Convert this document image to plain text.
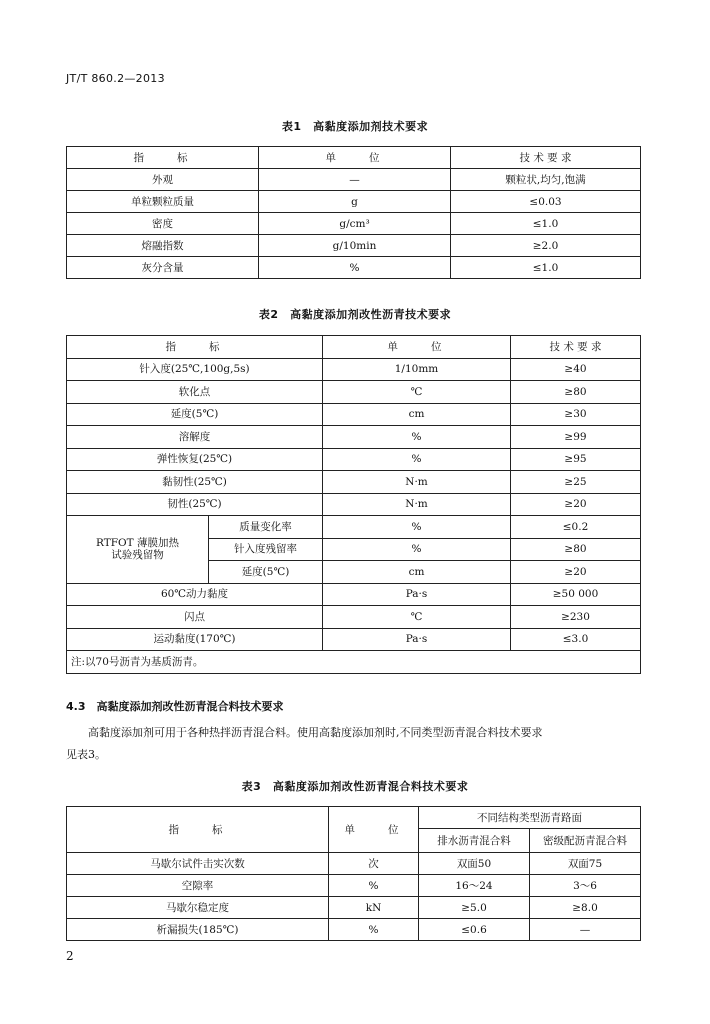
JT/T 860.2—2013
表1　高黏度添加剂技术要求
指　　标	单　　位	技 术 要 求
外观	—	颗粒状,均匀,饱满
单粒颗粒质量	g	≤0.03
密度	g/cm³	≤1.0
熔融指数	g/10min	≥2.0
灰分含量	%	≤1.0
表2　高黏度添加剂改性沥青技术要求
指　　标		单　　位	技 术 要 求
针入度(25℃,100g,5s)		1/10mm	≥40
软化点		℃	≥80
延度(5℃)		cm	≥30
溶解度		%	≥99
弹性恢复(25℃)		%	≥95
黏韧性(25℃)		N·m	≥25
韧性(25℃)		N·m	≥20

RTFOT 薄膜加热
试验残留物	质量变化率	%	≤0.2
	针入度残留率	%	≥80
	延度(5℃)	cm	≥20
60℃动力黏度		Pa·s	≥50 000
闪点		℃	≥230
运动黏度(170℃)		Pa·s	≤3.0
注:以70号沥青为基质沥青。			
4.3　 高黏度添加剂改性沥青混合料技术要求
高黏度添加剂可用于各种热拌沥青混合料。使用高黏度添加剂时,不同类型沥青混合料技术要求
见表3。
表3　高黏度添加剂改性沥青混合料技术要求
指　　标	单　　位	不同结构类型沥青路面	
		排水沥青混合料	密级配沥青混合料
马歇尔试件击实次数	次	双面50	双面75
空隙率	%	16～24	3～6
马歇尔稳定度	kN	≥5.0	≥8.0
析漏损失(185℃)	%	≤0.6	—
2
